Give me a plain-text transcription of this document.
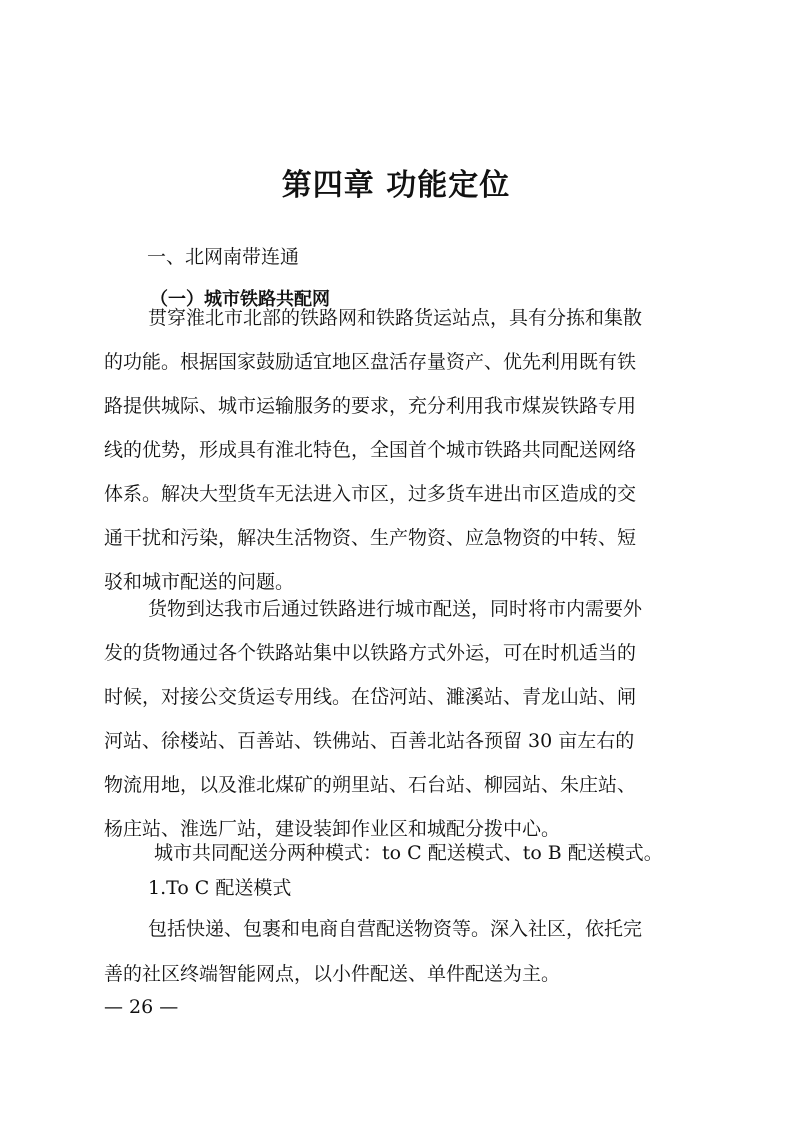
第四章 功能定位
一、北网南带连通
（一）城市铁路共配网
贯穿淮北市北部的铁路网和铁路货运站点，具有分拣和集散
的功能。根据国家鼓励适宜地区盘活存量资产、优先利用既有铁
路提供城际、城市运输服务的要求，充分利用我市煤炭铁路专用
线的优势，形成具有淮北特色，全国首个城市铁路共同配送网络
体系。解决大型货车无法进入市区，过多货车进出市区造成的交
通干扰和污染，解决生活物资、生产物资、应急物资的中转、短
驳和城市配送的问题。
货物到达我市后通过铁路进行城市配送，同时将市内需要外
发的货物通过各个铁路站集中以铁路方式外运，可在时机适当的
时候，对接公交货运专用线。在岱河站、濉溪站、青龙山站、闸
河站、徐楼站、百善站、铁佛站、百善北站各预留 30 亩左右的
物流用地，以及淮北煤矿的朔里站、石台站、柳园站、朱庄站、
杨庄站、淮选厂站，建设装卸作业区和城配分拨中心。
城市共同配送分两种模式：to C 配送模式、to B 配送模式。
1.To C 配送模式
包括快递、包裹和电商自营配送物资等。深入社区，依托完
善的社区终端智能网点，以小件配送、单件配送为主。
— 26 —
